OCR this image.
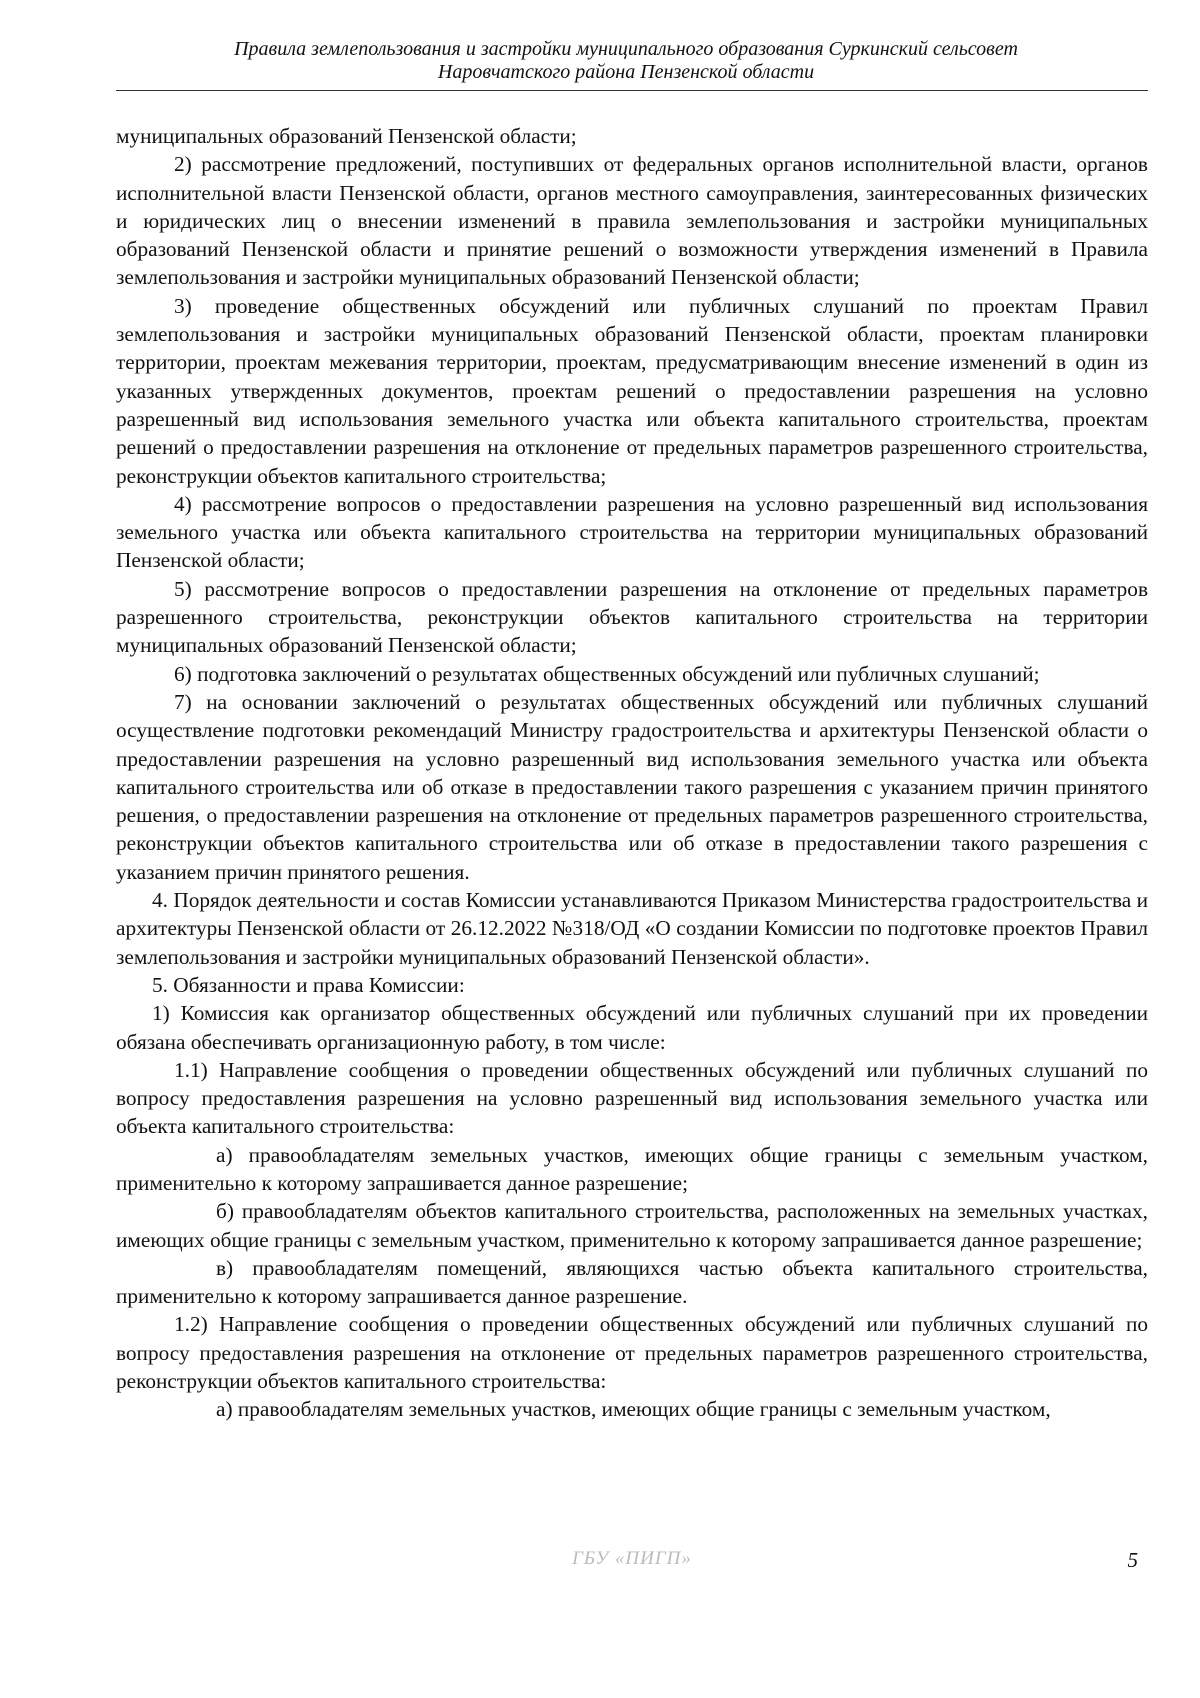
Правила землепользования и застройки муниципального образования Суркинский сельсовет
Наровчатского района Пензенской области

муниципальных образований Пензенской области;

2) рассмотрение предложений, поступивших от федеральных органов исполнительной власти, органов исполнительной власти Пензенской области, органов местного самоуправления, заинтересованных физических и юридических лиц о внесении изменений в правила землепользования и застройки муниципальных образований Пензенской области и принятие решений о возможности утверждения изменений в Правила землепользования и застройки муниципальных образований Пензенской области;

3) проведение общественных обсуждений или публичных слушаний по проектам Правил землепользования и застройки муниципальных образований Пензенской области, проектам планировки территории, проектам межевания территории, проектам, предусматривающим внесение изменений в один из указанных утвержденных документов, проектам решений о предоставлении разрешения на условно разрешенный вид использования земельного участка или объекта капитального строительства, проектам решений о предоставлении разрешения на отклонение от предельных параметров разрешенного строительства, реконструкции объектов капитального строительства;

4) рассмотрение вопросов о предоставлении разрешения на условно разрешенный вид использования земельного участка или объекта капитального строительства на территории муниципальных образований Пензенской области;

5) рассмотрение вопросов о предоставлении разрешения на отклонение от предельных параметров разрешенного строительства, реконструкции объектов капитального строительства на территории муниципальных образований Пензенской области;

6) подготовка заключений о результатах общественных обсуждений или публичных слушаний;

7) на основании заключений о результатах общественных обсуждений или публичных слушаний осуществление подготовки рекомендаций Министру градостроительства и архитектуры Пензенской области о предоставлении разрешения на условно разрешенный вид использования земельного участка или объекта капитального строительства или об отказе в предоставлении такого разрешения с указанием причин принятого решения, о предоставлении разрешения на отклонение от предельных параметров разрешенного строительства, реконструкции объектов капитального строительства или об отказе в предоставлении такого разрешения с указанием причин принятого решения.

4. Порядок деятельности и состав Комиссии устанавливаются Приказом Министерства градостроительства и архитектуры Пензенской области от 26.12.2022 №318/ОД «О создании Комиссии по подготовке проектов Правил землепользования и застройки муниципальных образований Пензенской области».

5. Обязанности и права Комиссии:

1) Комиссия как организатор общественных обсуждений или публичных слушаний при их проведении обязана обеспечивать организационную работу, в том числе:

1.1) Направление сообщения о проведении общественных обсуждений или публичных слушаний по вопросу предоставления разрешения на условно разрешенный вид использования земельного участка или объекта капитального строительства:

а) правообладателям земельных участков, имеющих общие границы с земельным участком, применительно к которому запрашивается данное разрешение;

б) правообладателям объектов капитального строительства, расположенных на земельных участках, имеющих общие границы с земельным участком, применительно к которому запрашивается данное разрешение;

в) правообладателям помещений, являющихся частью объекта капитального строительства, применительно к которому запрашивается данное разрешение.

1.2) Направление сообщения о проведении общественных обсуждений или публичных слушаний по вопросу предоставления разрешения на отклонение от предельных параметров разрешенного строительства, реконструкции объектов капитального строительства:

а) правообладателям земельных участков, имеющих общие границы с земельным участком,

ГБУ «ПИГП»	5
